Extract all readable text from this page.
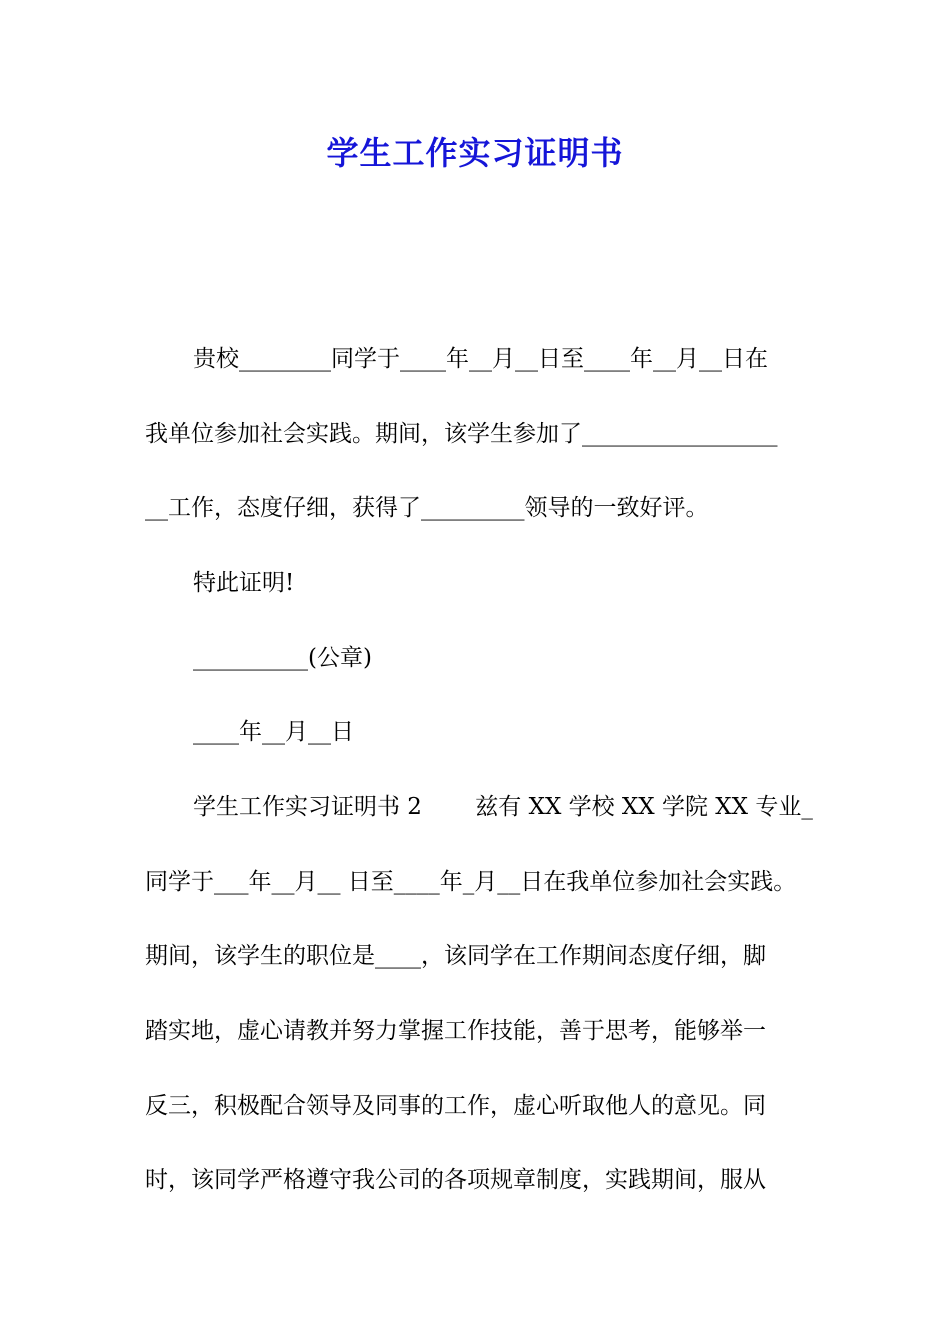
学生工作实习证明书
贵校________同学于____年__月__日至____年__月__日在
我单位参加社会实践。期间，该学生参加了_________________
__工作，态度仔细，获得了_________领导的一致好评。
特此证明!
__________(公章)
____年__月__日
学生工作实习证明书 2 　　兹有 XX 学校 XX 学院 XX 专业_
同学于___年__月__ 日至____年_月__日在我单位参加社会实践。
期间，该学生的职位是____，该同学在工作期间态度仔细，脚
踏实地，虚心请教并努力掌握工作技能，善于思考，能够举一
反三，积极配合领导及同事的工作，虚心听取他人的意见。同
时，该同学严格遵守我公司的各项规章制度，实践期间，服从
